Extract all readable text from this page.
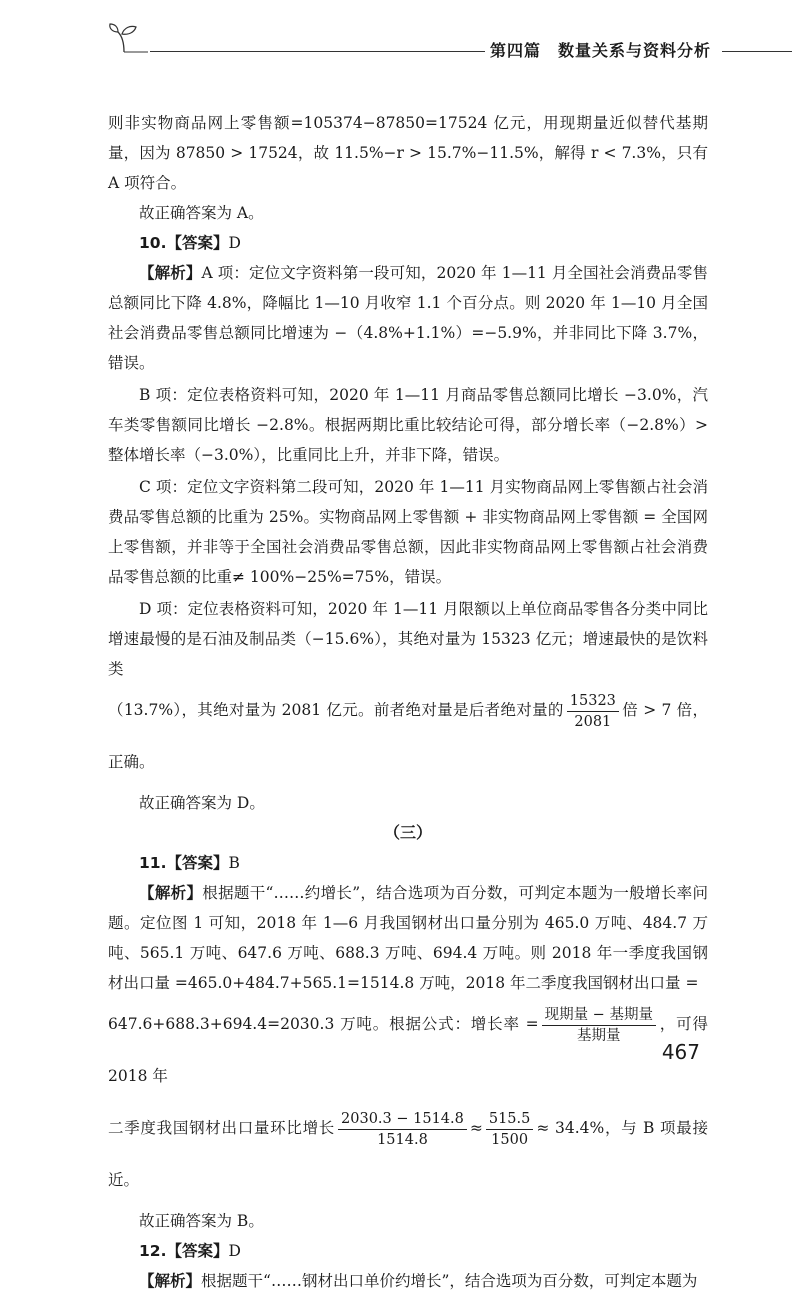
第四篇　数量关系与资料分析

则非实物商品网上零售额=105374−87850=17524 亿元，用现期量近似替代基期量，因为 87850 > 17524，故 11.5%−r > 15.7%−11.5%，解得 r < 7.3%，只有 A 项符合。

故正确答案为 A。

10.【答案】D

【解析】A 项：定位文字资料第一段可知，2020 年 1—11 月全国社会消费品零售总额同比下降 4.8%，降幅比 1—10 月收窄 1.1 个百分点。则 2020 年 1—10 月全国社会消费品零售总额同比增速为 −（4.8%+1.1%）=−5.9%，并非同比下降 3.7%，错误。

B 项：定位表格资料可知，2020 年 1—11 月商品零售总额同比增长 −3.0%，汽车类零售额同比增长 −2.8%。根据两期比重比较结论可得，部分增长率（−2.8%）> 整体增长率（−3.0%），比重同比上升，并非下降，错误。

C 项：定位文字资料第二段可知，2020 年 1—11 月实物商品网上零售额占社会消费品零售总额的比重为 25%。实物商品网上零售额 + 非实物商品网上零售额 = 全国网上零售额，并非等于全国社会消费品零售总额，因此非实物商品网上零售额占社会消费品零售总额的比重≠ 100%−25%=75%，错误。

D 项：定位表格资料可知，2020 年 1—11 月限额以上单位商品零售各分类中同比增速最慢的是石油及制品类（−15.6%），其绝对量为 15323 亿元；增速最快的是饮料类

（13.7%），其绝对量为 2081 亿元。前者绝对量是后者绝对量的 $\frac{15323}{2081}$ 倍 > 7 倍，正确。

故正确答案为 D。

（三）

11.【答案】B

【解析】根据题干“……约增长”，结合选项为百分数，可判定本题为一般增长率问题。定位图 1 可知，2018 年 1—6 月我国钢材出口量分别为 465.0 万吨、484.7 万吨、565.1 万吨、647.6 万吨、688.3 万吨、694.4 万吨。则 2018 年一季度我国钢材出口量 =465.0+484.7+565.1=1514.8 万吨，2018 年二季度我国钢材出口量 =

647.6+688.3+694.4=2030.3 万吨。根据公式：增长率 = $\frac{\text{现期量 − 基期量}}{\text{基期量}}$ ，可得 2018 年

二季度我国钢材出口量环比增长 $\frac{2030.3 - 1514.8}{1514.8} \approx \frac{515.5}{1500} \approx 34.4\%$，与 B 项最接近。

故正确答案为 B。

12.【答案】D

【解析】根据题干“……钢材出口单价约增长”，结合选项为百分数，可判定本题为

467
